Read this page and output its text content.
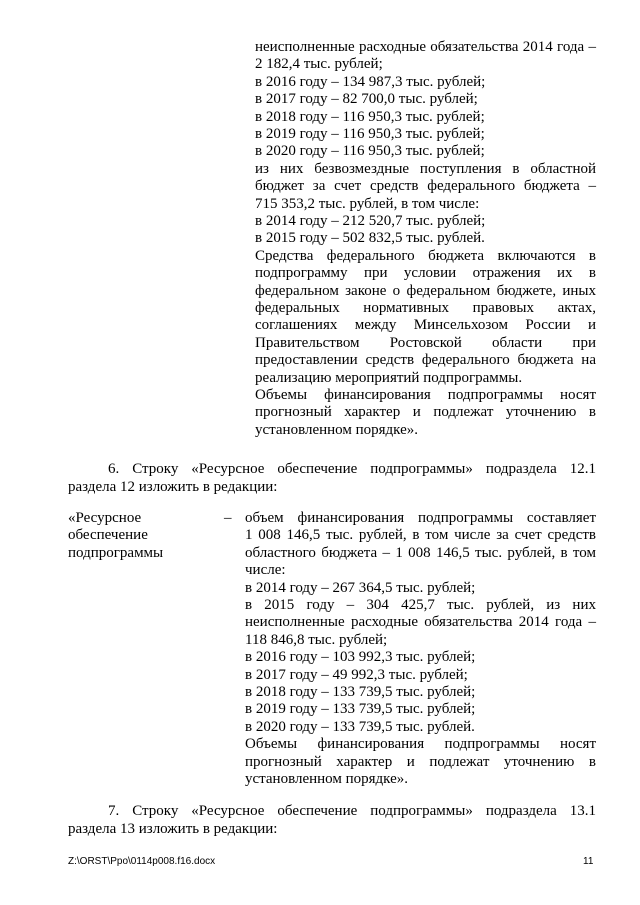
неисполненные расходные обязательства 2014 года –
2 182,4 тыс. рублей;
в 2016 году – 134 987,3 тыс. рублей;
в 2017 году – 82 700,0 тыс. рублей;
в 2018 году – 116 950,3 тыс. рублей;
в 2019 году – 116 950,3 тыс. рублей;
в 2020 году – 116 950,3 тыс. рублей;
из них безвозмездные поступления в областной
бюджет за счет средств федерального бюджета –
715 353,2 тыс. рублей, в том числе:
в 2014 году – 212 520,7 тыс. рублей;
в 2015 году – 502 832,5 тыс. рублей.
Средства федерального бюджета включаются в
подпрограмму при условии отражения их в
федеральном законе о федеральном бюджете, иных
федеральных нормативных правовых актах,
соглашениях между Минсельхозом России и
Правительством Ростовской области при
предоставлении средств федерального бюджета на
реализацию мероприятий подпрограммы.
Объемы финансирования подпрограммы носят
прогнозный характер и подлежат уточнению в
установленном порядке».
6. Строку «Ресурсное обеспечение подпрограммы» подраздела 12.1
раздела 12 изложить в редакции:
«Ресурсное
обеспечение
подпрограммы
– объем финансирования подпрограммы составляет
1 008 146,5 тыс. рублей, в том числе за счет средств
областного бюджета – 1 008 146,5 тыс. рублей, в том
числе:
в 2014 году – 267 364,5 тыс. рублей;
в 2015 году – 304 425,7 тыс. рублей, из них
неисполненные расходные обязательства 2014 года –
118 846,8 тыс. рублей;
в 2016 году – 103 992,3 тыс. рублей;
в 2017 году – 49 992,3 тыс. рублей;
в 2018 году – 133 739,5 тыс. рублей;
в 2019 году – 133 739,5 тыс. рублей;
в 2020 году – 133 739,5 тыс. рублей.
Объемы финансирования подпрограммы носят
прогнозный характер и подлежат уточнению в
установленном порядке».
7. Строку «Ресурсное обеспечение подпрограммы» подраздела 13.1
раздела 13 изложить в редакции:
Z:\ORST\Ppo\0114p008.f16.docx	11
